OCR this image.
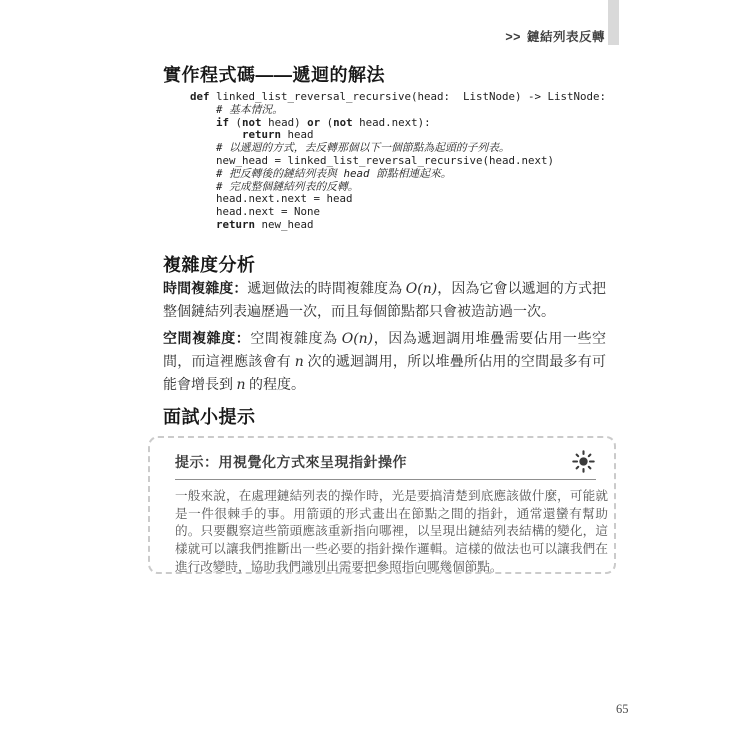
>> 鏈結列表反轉
實作程式碼——遞迴的解法
def linked_list_reversal_recursive(head:  ListNode) -> ListNode:
# 基本情況。
if (not head) or (not head.next):
return head
# 以遞迴的方式，去反轉那個以下一個節點為起頭的子列表。
new_head = linked_list_reversal_recursive(head.next)
# 把反轉後的鏈結列表與 head 節點相連起來。
# 完成整個鏈結列表的反轉。
head.next.next = head
head.next = None
return new_head
複雜度分析

時間複雜度：遞迴做法的時間複雜度為 O(n)，因為它會以遞迴的方式把整個鏈結列表遍歷過一次，而且每個節點都只會被造訪過一次。

空間複雜度：空間複雜度為 O(n)，因為遞迴調用堆疊需要佔用一些空間，而這裡應該會有 n 次的遞迴調用，所以堆疊所佔用的空間最多有可能會增長到 n 的程度。

面試小提示
提示：用視覺化方式來呈現指針操作

一般來說，在處理鏈結列表的操作時，光是要搞清楚到底應該做什麼，可能就是一件很棘手的事。用箭頭的形式畫出在節點之間的指針，通常還蠻有幫助的。只要觀察這些箭頭應該重新指向哪裡，以呈現出鏈結列表結構的變化，這樣就可以讓我們推斷出一些必要的指針操作邏輯。這樣的做法也可以讓我們在進行改變時，協助我們識別出需要把參照指向哪幾個節點。

65
